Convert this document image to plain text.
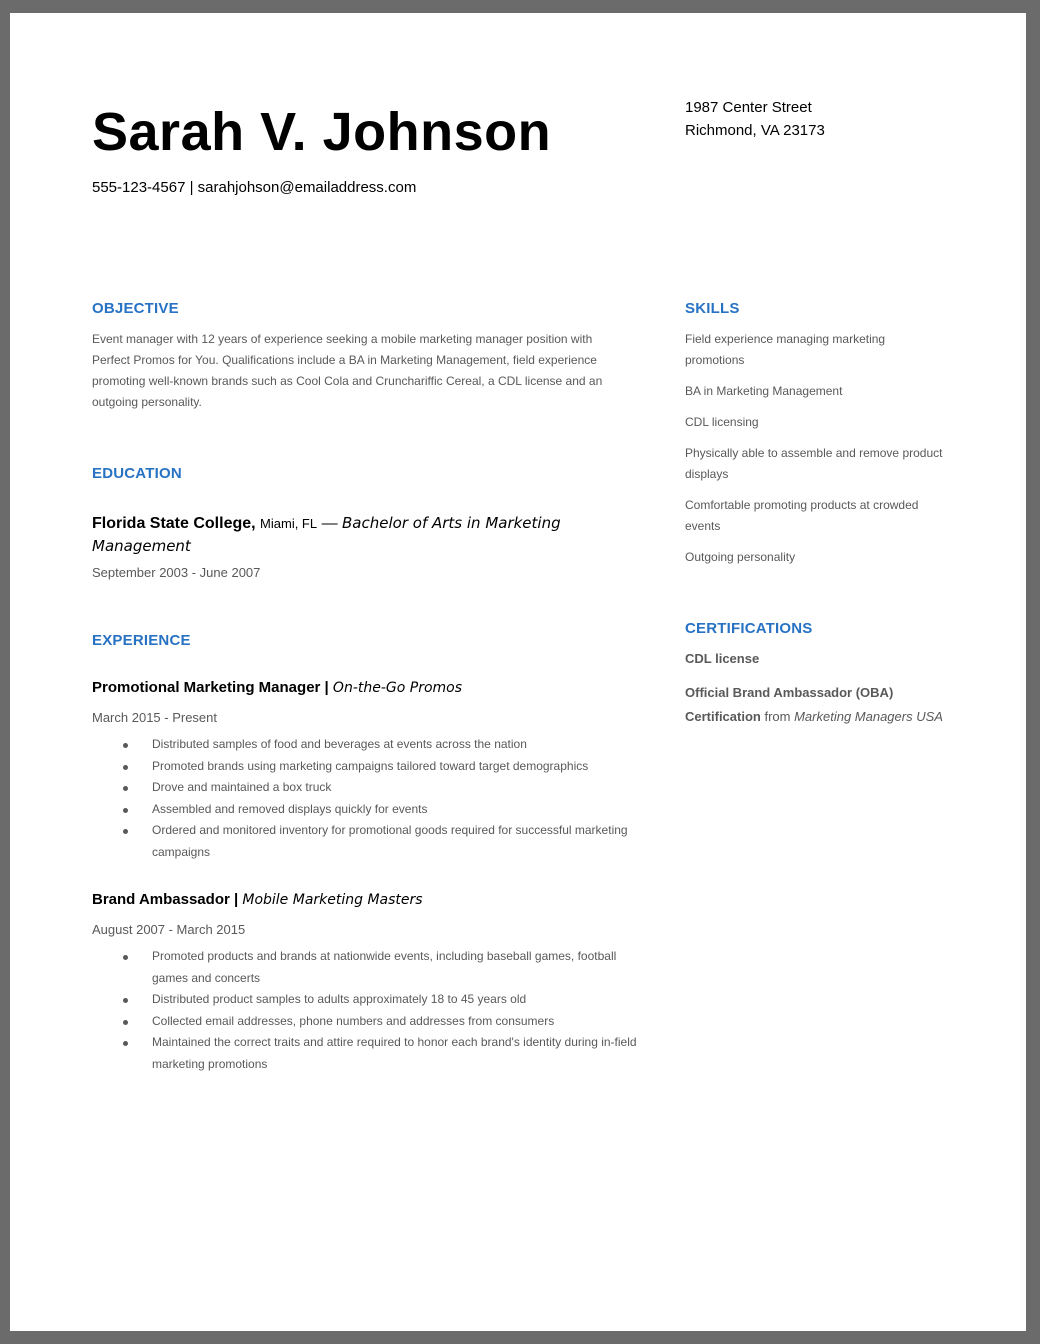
Sarah V. Johnson
555-123-4567 | sarahjohson@emailaddress.com
1987 Center Street
Richmond, VA 23173
OBJECTIVE
Event manager with 12 years of experience seeking a mobile marketing manager position with Perfect Promos for You. Qualifications include a BA in Marketing Management, field experience promoting well-known brands such as Cool Cola and Crunchariffic Cereal, a CDL license and an outgoing personality.
EDUCATION
Florida State College, Miami, FL — Bachelor of Arts in Marketing Management
September 2003 - June 2007
EXPERIENCE
Promotional Marketing Manager | On-the-Go Promos
March 2015 - Present
Distributed samples of food and beverages at events across the nation
Promoted brands using marketing campaigns tailored toward target demographics
Drove and maintained a box truck
Assembled and removed displays quickly for events
Ordered and monitored inventory for promotional goods required for successful marketing campaigns
Brand Ambassador | Mobile Marketing Masters
August 2007 - March 2015
Promoted products and brands at nationwide events, including baseball games, football games and concerts
Distributed product samples to adults approximately 18 to 45 years old
Collected email addresses, phone numbers and addresses from consumers
Maintained the correct traits and attire required to honor each brand's identity during in-field marketing promotions
SKILLS
Field experience managing marketing promotions
BA in Marketing Management
CDL licensing
Physically able to assemble and remove product displays
Comfortable promoting products at crowded events
Outgoing personality
CERTIFICATIONS
CDL license
Official Brand Ambassador (OBA) Certification from Marketing Managers USA
